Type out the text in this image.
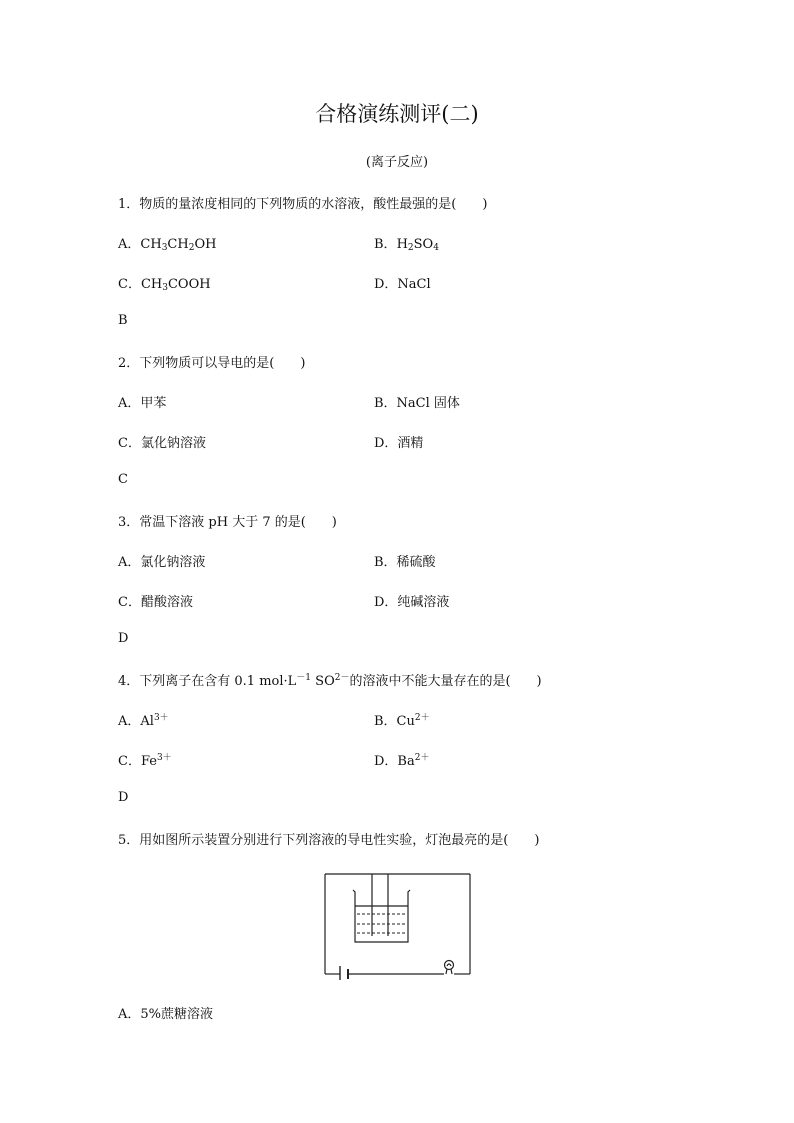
合格演练测评(二)
(离子反应)
1．物质的量浓度相同的下列物质的水溶液，酸性最强的是(　　)
A．$CH_3CH_2OH$	B．$H_2SO_4$
C．$CH_3COOH$	D．NaCl
B
2．下列物质可以导电的是(　　)
A．甲苯	B．NaCl 固体
C．氯化钠溶液	D．酒精
C
3．常温下溶液 pH 大于 7 的是(　　)
A．氯化钠溶液	B．稀硫酸
C．醋酸溶液	D．纯碱溶液
D
4．下列离子在含有 0.1 $mol\cdot L^{-1}$ $SO^{2-}$的溶液中不能大量存在的是(　　)
A．$Al^{3+}$	B．$Cu^{2+}$
C．$Fe^{3+}$	D．$Ba^{2+}$
D
5．用如图所示装置分别进行下列溶液的导电性实验，灯泡最亮的是(　　)
A．5%蔗糖溶液
